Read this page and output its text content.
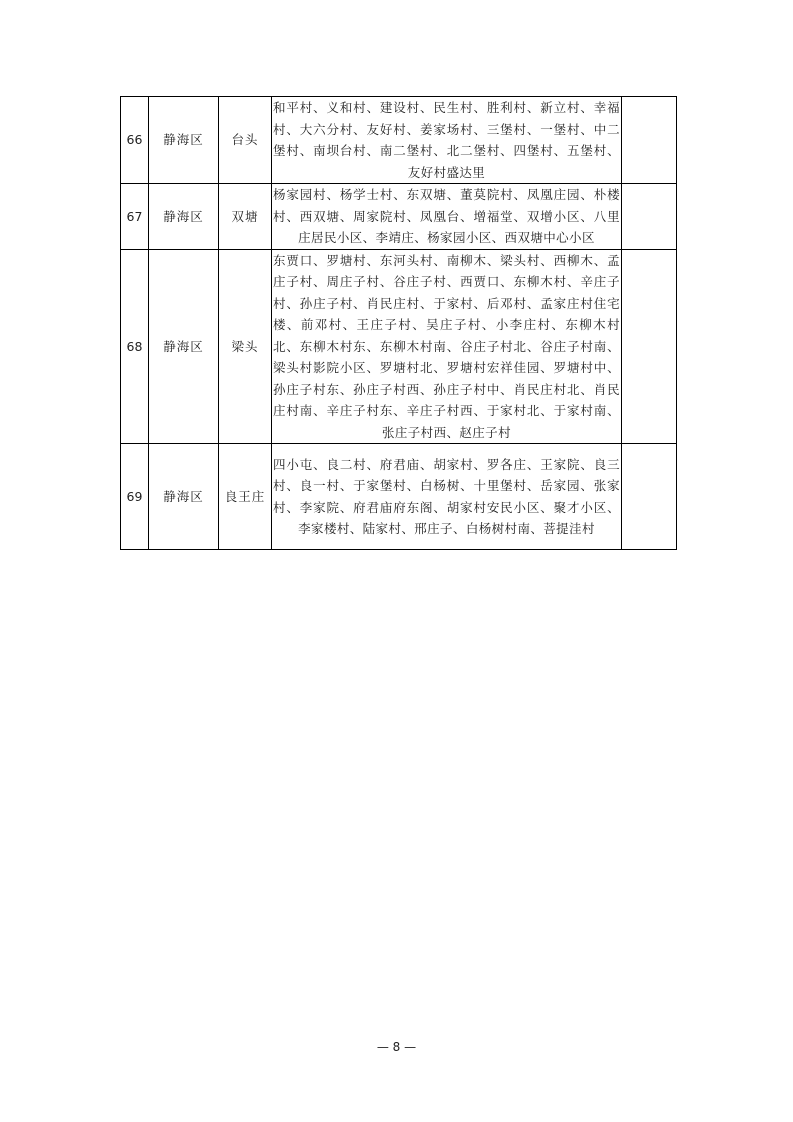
66	静海区	台头	和平村、义和村、建设村、民生村、胜利村、新立村、幸福村、大六分村、友好村、姜家场村、三堡村、一堡村、中二堡村、南坝台村、南二堡村、北二堡村、四堡村、五堡村、友好村盛达里	
67	静海区	双塘	杨家园村、杨学士村、东双塘、董莫院村、凤凰庄园、朴楼村、西双塘、周家院村、凤凰台、增福堂、双增小区、八里庄居民小区、李靖庄、杨家园小区、西双塘中心小区	
68	静海区	梁头	东贾口、罗塘村、东河头村、南柳木、梁头村、西柳木、孟庄子村、周庄子村、谷庄子村、西贾口、东柳木村、辛庄子村、孙庄子村、肖民庄村、于家村、后邓村、孟家庄村住宅楼、前邓村、王庄子村、吴庄子村、小李庄村、东柳木村北、东柳木村东、东柳木村南、谷庄子村北、谷庄子村南、梁头村影院小区、罗塘村北、罗塘村宏祥佳园、罗塘村中、孙庄子村东、孙庄子村西、孙庄子村中、肖民庄村北、肖民庄村南、辛庄子村东、辛庄子村西、于家村北、于家村南、张庄子村西、赵庄子村	
69	静海区	良王庄	四小屯、良二村、府君庙、胡家村、罗各庄、王家院、良三村、良一村、于家堡村、白杨树、十里堡村、岳家园、张家村、李家院、府君庙府东阁、胡家村安民小区、聚才小区、李家楼村、陆家村、邢庄子、白杨树村南、菩提洼村	
— 8 —
